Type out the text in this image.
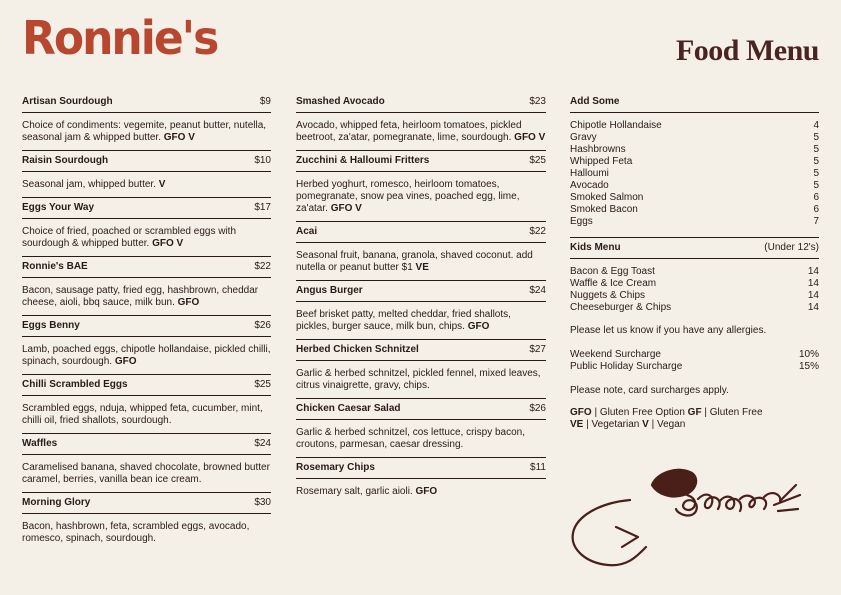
Ronnie's	Food Menu
Artisan Sourdough	$9
Choice of condiments: vegemite, peanut butter, nutella, seasonal jam & whipped butter. GFO V
Raisin Sourdough	$10
Seasonal jam, whipped butter. V
Eggs Your Way	$17
Choice of fried, poached or scrambled eggs with sourdough & whipped butter. GFO V
Ronnie's BAE	$22
Bacon, sausage patty, fried egg, hashbrown, cheddar cheese, aioli, bbq sauce, milk bun. GFO
Eggs Benny	$26
Lamb, poached eggs, chipotle hollandaise, pickled chilli, spinach, sourdough. GFO
Chilli Scrambled Eggs	$25
Scrambled eggs, nduja, whipped feta, cucumber, mint, chilli oil, fried shallots, sourdough.
Waffles	$24
Caramelised banana, shaved chocolate, browned butter caramel, berries, vanilla bean ice cream.
Morning Glory	$30
Bacon, hashbrown, feta, scrambled eggs, avocado, romesco, spinach, sourdough.
Smashed Avocado	$23
Avocado, whipped feta, heirloom tomatoes, pickled beetroot, za'atar, pomegranate, lime, sourdough. GFO V
Zucchini & Halloumi Fritters	$25
Herbed yoghurt, romesco, heirloom tomatoes, pomegranate, snow pea vines, poached egg, lime, za'atar. GFO V
Acai	$22
Seasonal fruit, banana, granola, shaved coconut. add nutella or peanut butter $1 VE
Angus Burger	$24
Beef brisket patty, melted cheddar, fried shallots, pickles, burger sauce, milk bun, chips. GFO
Herbed Chicken Schnitzel	$27
Garlic & herbed schnitzel, pickled fennel, mixed leaves, citrus vinaigrette, gravy, chips.
Chicken Caesar Salad	$26
Garlic & herbed schnitzel, cos lettuce, crispy bacon, croutons, parmesan, caesar dressing.
Rosemary Chips	$11
Rosemary salt, garlic aioli. GFO
Add Some
Chipotle Hollandaise	4
Gravy	5
Hashbrowns	5
Whipped Feta	5
Halloumi	5
Avocado	5
Smoked Salmon	6
Smoked Bacon	6
Eggs	7
Kids Menu	(Under 12's)
Bacon & Egg Toast	14
Waffle & Ice Cream	14
Nuggets & Chips	14
Cheeseburger & Chips	14
Please let us know if you have any allergies.
Weekend Surcharge	10%
Public Holiday Surcharge	15%
Please note, card surcharges apply.
GFO | Gluten Free Option GF | Gluten Free
VE | Vegetarian V | Vegan
